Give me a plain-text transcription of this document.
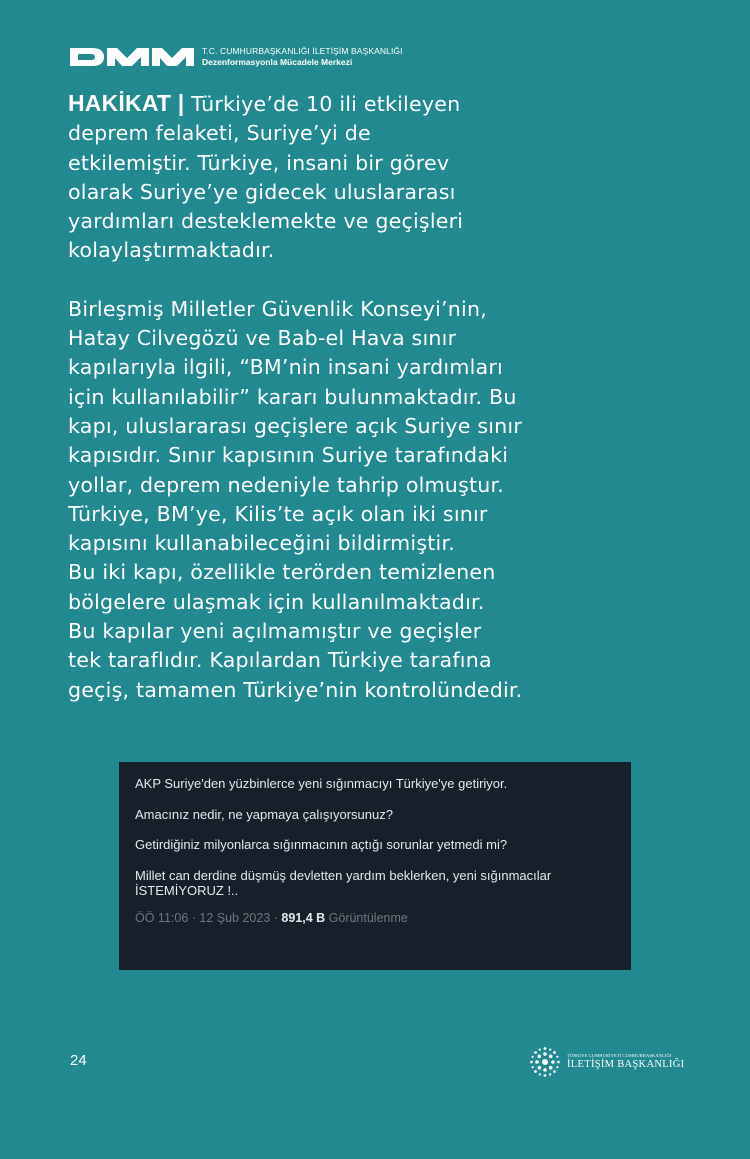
T.C. CUMHURBAŞKANLIĞI İLETİŞİM BAŞKANLIĞI
Dezenformasyonla Mücadele Merkezi

HAKİKAT | Türkiye’de 10 ili etkileyen
deprem felaketi, Suriye’yi de
etkilemiştir. Türkiye, insani bir görev
olarak Suriye’ye gidecek uluslararası
yardımları desteklemekte ve geçişleri
kolaylaştırmaktadır.

Birleşmiş Milletler Güvenlik Konseyi’nin,
Hatay Cilvegözü ve Bab-el Hava sınır
kapılarıyla ilgili, “BM’nin insani yardımları
için kullanılabilir” kararı bulunmaktadır. Bu
kapı, uluslararası geçişlere açık Suriye sınır
kapısıdır. Sınır kapısının Suriye tarafındaki
yollar, deprem nedeniyle tahrip olmuştur.
Türkiye, BM’ye, Kilis’te açık olan iki sınır
kapısını kullanabileceğini bildirmiştir.
Bu iki kapı, özellikle terörden temizlenen
bölgelere ulaşmak için kullanılmaktadır.
Bu kapılar yeni açılmamıştır ve geçişler
tek taraflıdır. Kapılardan Türkiye tarafına
geçiş, tamamen Türkiye’nin kontrolündedir.

AKP Suriye'den yüzbinlerce yeni sığınmacıyı Türkiye'ye getiriyor.

Amacınız nedir, ne yapmaya çalışıyorsunuz?

Getirdiğiniz milyonlarca sığınmacının açtığı sorunlar yetmedi mi?

Millet can derdine düşmüş devletten yardım beklerken, yeni sığınmacılar
İSTEMİYORUZ !..

ÖÖ 11:06 · 12 Şub 2023 · 891,4 B Görüntülenme
24	TÜRKİYE CUMHURİYETİ CUMHURBAŞKANLIĞI
İLETİŞİM BAŞKANLIĞI
